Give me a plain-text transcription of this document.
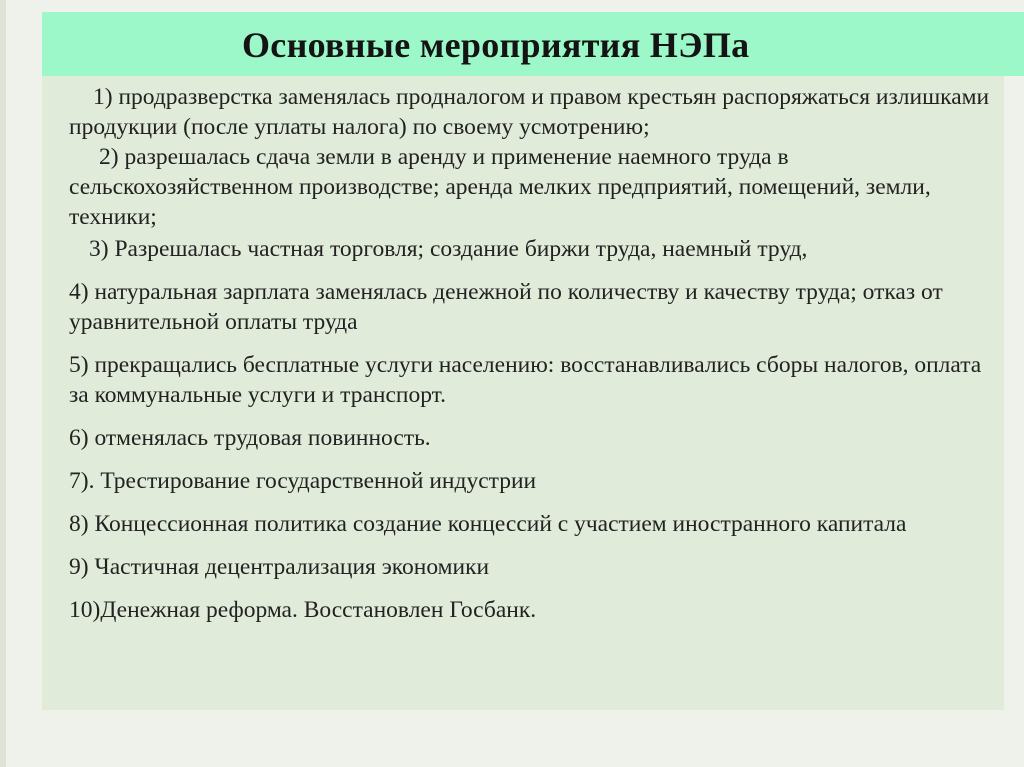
Основные мероприятия НЭПа
1) продразверстка заменялась продналогом и правом крестьян распоряжаться излишками продукции (после уплаты налога) по своему усмотрению;
2) разрешалась сдача земли в аренду и применение наемного труда в сельскохозяйственном производстве; аренда мелких предприятий, помещений, земли, техники;
3) Разрешалась частная торговля; создание биржи труда, наемный труд,
4) натуральная зарплата заменялась денежной по количеству и качеству труда; отказ от уравнительной оплаты труда
5) прекращались бесплатные услуги населению: восстанавливались сборы налогов, оплата за коммунальные услуги и транспорт.
6) отменялась трудовая повинность.
7). Трестирование государственной индустрии
8) Концессионная политика создание концессий с участием иностранного капитала
9) Частичная децентрализация экономики
10)Денежная реформа. Восстановлен Госбанк.
